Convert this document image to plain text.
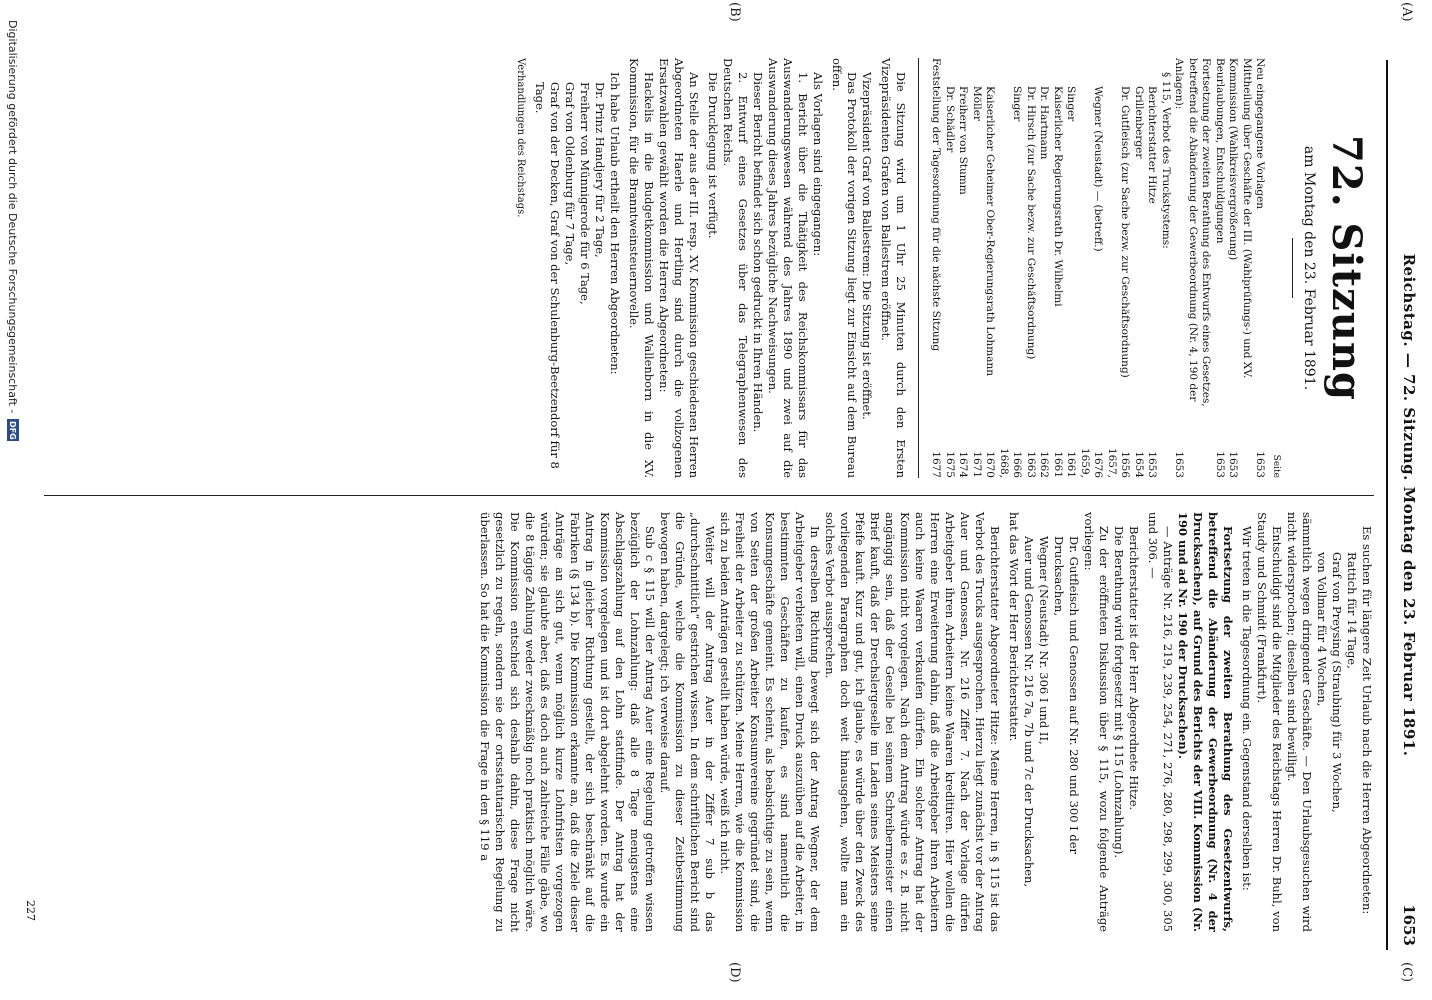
Reichstag. — 72. Sitzung. Montag den 23. Februar 1891.
1653
(A)
(B)
(C)
(D)
72. Sitzung
am Montag den 23. Februar 1891.
Seite
Neu eingegangene Vorlagen
1653
Mittheilung über Geschäfte der III. (Wahlprüfungs-) und XV. Kommission (Wahlkreisvergrößerung)
1653
Beurlaubungen, Entschuldigungen
1653
Fortsetzung der zweiten Berathung des Entwurfs eines Gesetzes, betreffend die Abänderung der Gewerbeordnung (Nr. 4, 190 der Anlagen):
1653
§ 115, Verbot des Truckstystems:
Berichterstatter Hitze
1653
Grillenberger
1654
Dr. Gutfleisch (zur Sache bezw. zur Geschäftsordnung)
1656
Wegner (Neustadt) — (betreff.)
1657, 1676
Singer
1659, 1661
Kaiserlicher Regierungsrath Dr. Wilhelmi
1661
Dr. Hartmann
1662
Dr. Hirsch (zur Sache bezw. zur Geschäftsordnung)
1663
Singer
1666
Kaiserlicher Geheimer Ober-Regierungsrath Lohmann
1668, 1670
Möller
1671
Freiherr von Stumm
1674
Dr. Schädler
1675
Feststellung der Tagesordnung für die nächste Sitzung
1677

Die Sitzung wird um 1 Uhr 25 Minuten durch den Ersten Vizepräsidenten Grafen von Ballestrem eröffnet.

Vizepräsident Graf von Ballestrem: Die Sitzung ist eröffnet.

Das Protokoll der vorigen Sitzung liegt zur Einsicht auf dem Bureau offen.

Als Vorlagen sind eingegangen:

1. Bericht über die Thätigkeit des Reichskommissars für das Auswanderungswesen während des Jahres 1890 und zwei auf die Auswanderung dieses Jahres bezügliche Nachweisungen.

Dieser Bericht befindet sich schon gedruckt in Ihren Händen.

2. Entwurf eines Gesetzes über das Telegraphenwesen des Deutschen Reichs.

Die Drucklegung ist verfügt.

An Stelle der aus der III. resp. XV. Kommission geschiedenen Herren Abgeordneten Haerle und Hertling sind durch die vollzogenen Ersatzwahlen gewählt worden die Herren Abgeordneten:

Hackelis in die Budgetkommission und Wallenborn in die XV. Kommission, für die Branntweinsteuernovelle.

Ich habe Urlaub ertheilt den Herren Abgeordneten:

Dr. Prinz Handjery für 2 Tage,
Freiherr von Münnigerode für 6 Tage,
Graf von Oldenburg für 7 Tage,
Graf von der Decken, Graf von der Schulenburg-Beetzendorf für 8 Tage.

Verhandlungen des Reichstags.

Es suchen für längere Zeit Urlaub nach die Herren Abgeordneten:

Rattich für 14 Tage,
Graf von Preysing (Straubing) für 3 Wochen,
von Vollmar für 4 Wochen,

sämmtlich wegen dringender Geschäfte. — Den Urlaubsgesuchen wird nicht widersprochen; dieselben sind bewilligt.

Entschuldigt sind die Mitglieder des Reichstags Herren Dr. Buhl, von Staudy und Schmidt (Frankfurt).

Wir treten in die Tagesordnung ein. Gegenstand derselben ist:

Fortsetzung der zweiten Berathung des Gesetzentwurfs, betreffend die Abänderung der Gewerbeordnung (Nr. 4 der Drucksachen), auf Grund des Berichts der VIII. Kommission (Nr. 190 und ad Nr. 190 der Drucksachen).

— Anträge Nr. 216, 219, 239, 254, 271, 276, 280, 298, 299, 300, 305 und 306. —

Berichterstatter ist der Herr Abgeordnete Hitze.

Die Berathung wird fortgesetzt mit § 115 (Lohnzahlung).

Zu der eröffneten Diskussion über § 115, wozu folgende Anträge vorliegen:

Dr. Gutfleisch und Genossen auf Nr. 280 und 300 I der Drucksachen,
Wegner (Neustadt) Nr. 306 I und II,
Auer und Genossen Nr. 216 7a, 7b und 7c der Drucksachen,

hat das Wort der Herr Berichterstatter.

Berichterstatter Abgeordneter Hitze: Meine Herren, in § 115 ist das Verbot des Trucks ausgesprochen. Hierzu liegt zunächst vor der Antrag Auer und Genossen, Nr. 216 Ziffer 7. Nach der Vorlage dürfen Arbeitgeber ihren Arbeitern keine Waaren kreditiren. Hier wollen die Herren eine Erweiterung dahin, daß die Arbeitgeber ihren Arbeitern auch keine Waaren verkaufen dürfen. Ein solcher Antrag hat der Kommission nicht vorgelegen. Nach dem Antrag würde es z. B. nicht angängig sein, daß der Geselle bei seinem Schreibermeister einen Brief kauft, daß der Drechslergeselle im Laden seines Meisters seine Pfeife kauft. Kurz und gut, ich glaube, es würde über den Zweck des vorliegenden Paragraphen doch weit hinausgehen, wollte man ein solches Verbot aussprechen.

In derselben Richtung bewegt sich der Antrag Wegner, der dem Arbeitgeber verbieten will, einen Druck auszuüben auf die Arbeiter, in bestimmten Geschäften zu kaufen, es sind namentlich die Konsumgeschäfte gemeint. Es scheint, als beabsichtige zu sein, wenn von Seiten der großen Arbeiter Konsumvereine gegründet sind, die Freiheit der Arbeiter zu schützen. Meine Herren, wie die Kommission sich zu beiden Anträgen gestellt haben würde, weiß ich nicht.

Weiter will der Antrag Auer in der Ziffer 7 sub b das „durchschnittlich“ gestrichen wissen. In dem schriftlichen Bericht sind die Gründe, welche die Kommission zu dieser Zeitbestimmung bewogen haben, dargelegt; ich verweise darauf.

Sub c § 115 will der Antrag Auer eine Regelung getroffen wissen bezüglich der Lohnzahlung: daß alle 8 Tage menigstens eine Abschlagszahlung auf den Lohn stattfinde. Der Antrag hat der Kommission vorgelegen und ist dort abgelehnt worden. Es wurde ein Antrag in gleicher Richtung gestellt, der sich beschränkt auf die Fabriken (§ 134 b). Die Kommission erkannte an, daß die Ziele dieser Anträge an sich gut, wenn möglich kurze Lohnfristen vorgezogen würden; sie glaubte aber, daß es doch auch zahlreiche Fälle gäbe, wo die 8 tägige Zahlung weder zweckmäßig noch praktisch möglich wäre. Die Kommission entschied sich deshalb dahin, diese Frage nicht gesetzlich zu regeln, sondern sie der ortsstatutarischen Regelung zu überlassen. So hat die Kommission die Frage in den § 119 a

227
Digitalisierung gefördert durch die Deutsche Forschungsgemeinschaft -
DFG
